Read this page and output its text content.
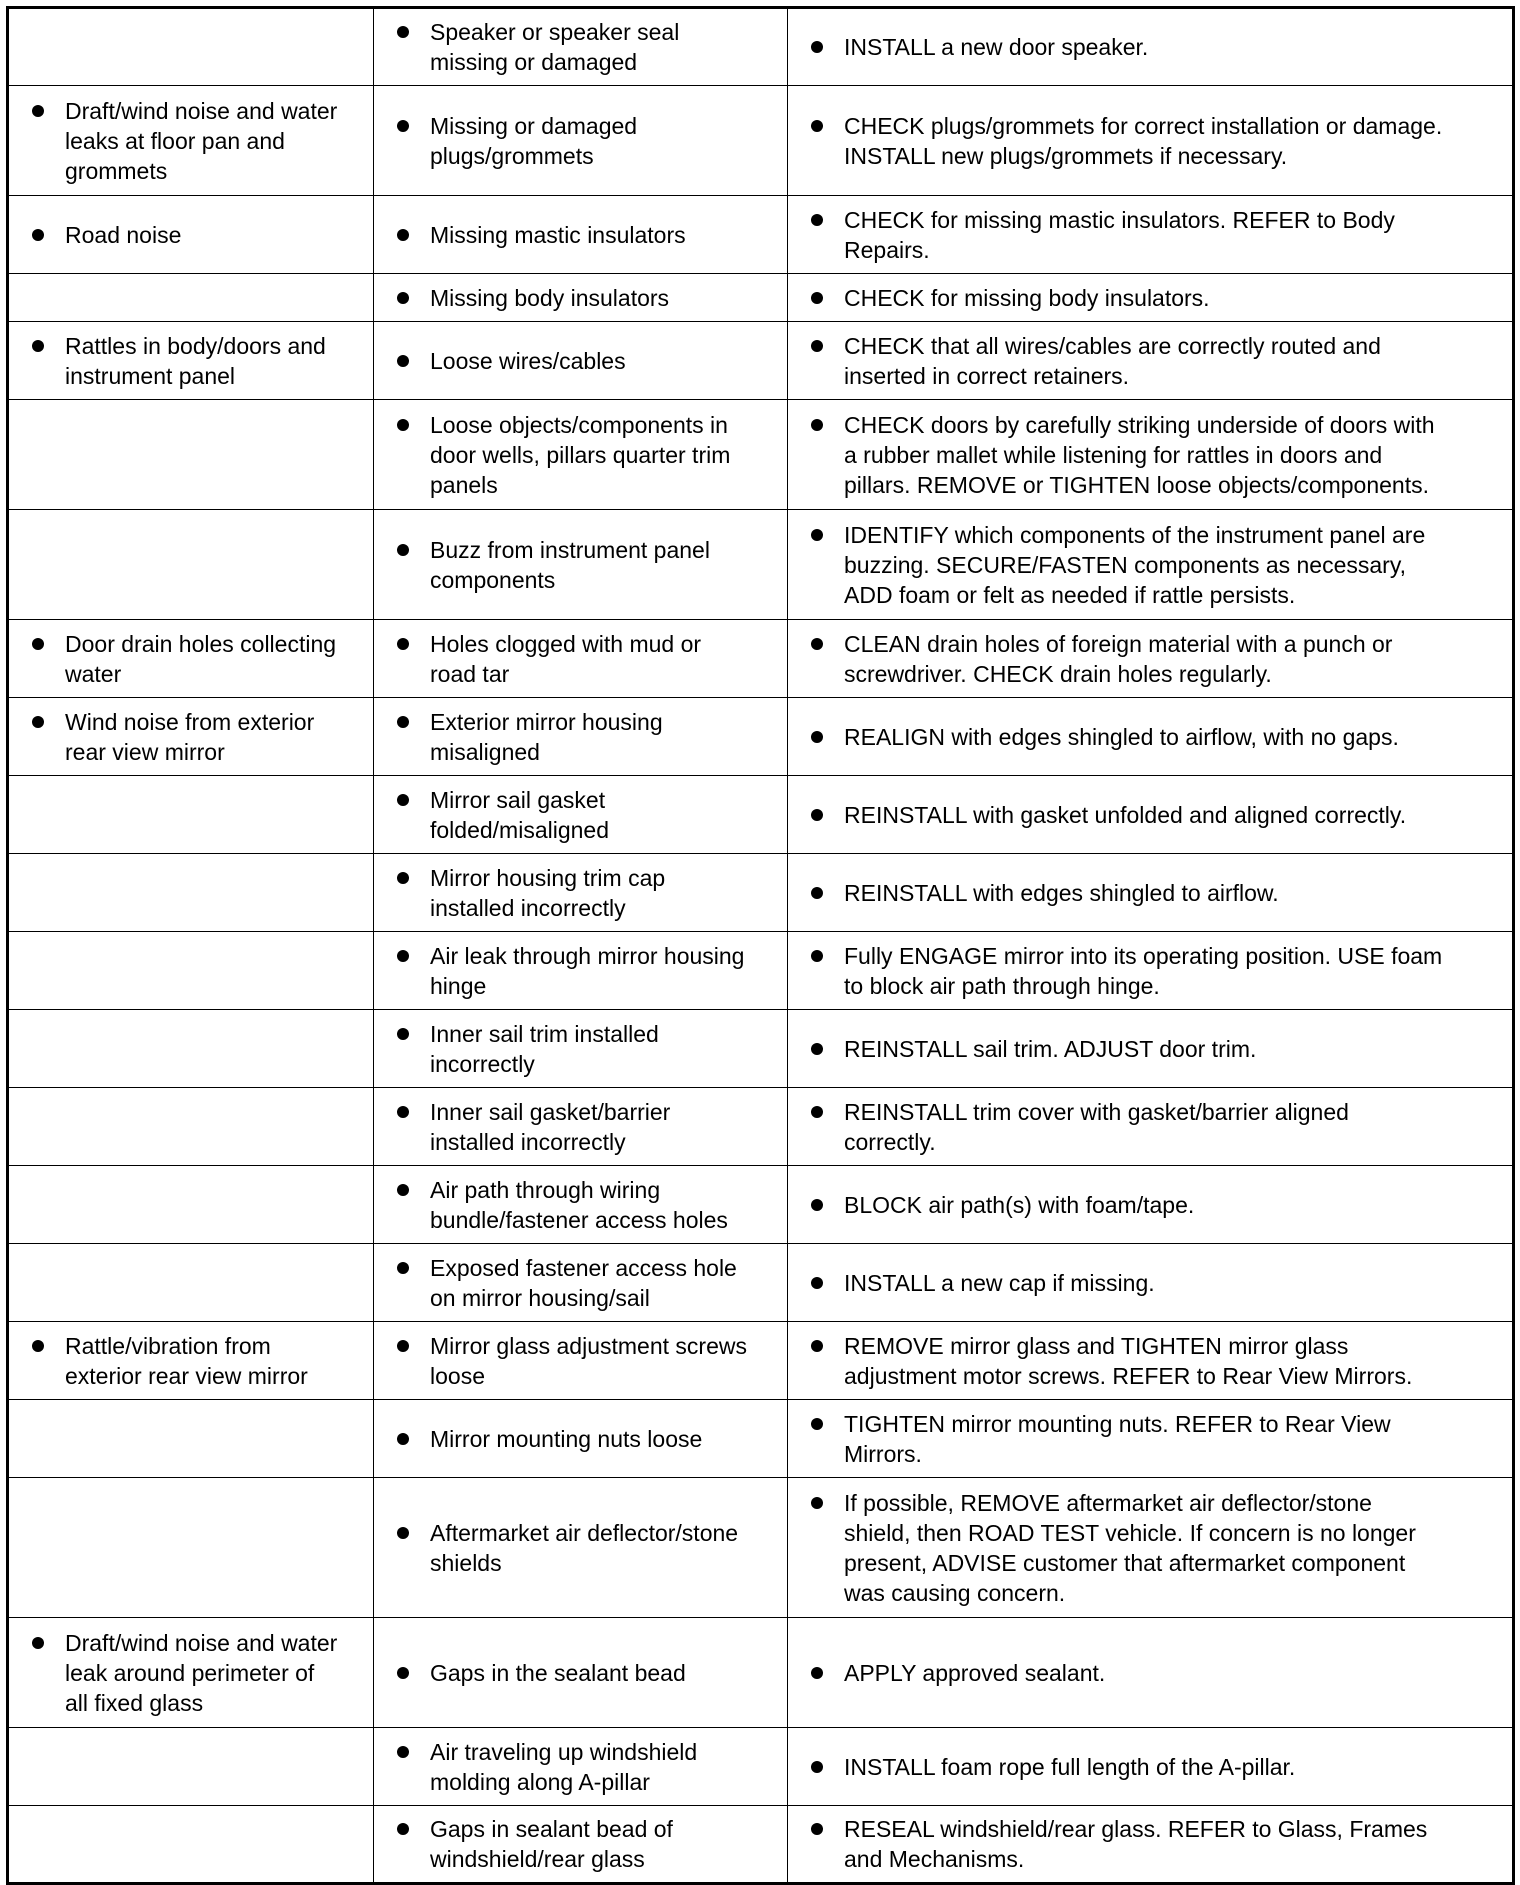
	Speaker or speaker seal
missing or damaged	INSTALL a new door speaker.

Draft/wind noise and water
leaks at floor pan and
grommets	Missing or damaged
plugs/grommets	CHECK plugs/grommets for correct installation or damage.
INSTALL new plugs/grommets if necessary.

Road noise	Missing mastic insulators	CHECK for missing mastic insulators. REFER to Body
Repairs.

	Missing body insulators	CHECK for missing body insulators.

Rattles in body/doors and
instrument panel	Loose wires/cables	CHECK that all wires/cables are correctly routed and
inserted in correct retainers.

	Loose objects/components in
door wells, pillars quarter trim
panels	CHECK doors by carefully striking underside of doors with
a rubber mallet while listening for rattles in doors and
pillars. REMOVE or TIGHTEN loose objects/components.

	Buzz from instrument panel
components	IDENTIFY which components of the instrument panel are
buzzing. SECURE/FASTEN components as necessary,
ADD foam or felt as needed if rattle persists.

Door drain holes collecting
water	Holes clogged with mud or
road tar	CLEAN drain holes of foreign material with a punch or
screwdriver. CHECK drain holes regularly.

Wind noise from exterior
rear view mirror	Exterior mirror housing
misaligned	REALIGN with edges shingled to airflow, with no gaps.

	Mirror sail gasket
folded/misaligned	REINSTALL with gasket unfolded and aligned correctly.

	Mirror housing trim cap
installed incorrectly	REINSTALL with edges shingled to airflow.

	Air leak through mirror housing
hinge	Fully ENGAGE mirror into its operating position. USE foam
to block air path through hinge.

	Inner sail trim installed
incorrectly	REINSTALL sail trim. ADJUST door trim.

	Inner sail gasket/barrier
installed incorrectly	REINSTALL trim cover with gasket/barrier aligned
correctly.

	Air path through wiring
bundle/fastener access holes	BLOCK air path(s) with foam/tape.

	Exposed fastener access hole
on mirror housing/sail	INSTALL a new cap if missing.

Rattle/vibration from
exterior rear view mirror	Mirror glass adjustment screws
loose	REMOVE mirror glass and TIGHTEN mirror glass
adjustment motor screws. REFER to Rear View Mirrors.

	Mirror mounting nuts loose	TIGHTEN mirror mounting nuts. REFER to Rear View
Mirrors.

	Aftermarket air deflector/stone
shields	If possible, REMOVE aftermarket air deflector/stone
shield, then ROAD TEST vehicle. If concern is no longer
present, ADVISE customer that aftermarket component
was causing concern.

Draft/wind noise and water
leak around perimeter of
all fixed glass	Gaps in the sealant bead	APPLY approved sealant.

	Air traveling up windshield
molding along A-pillar	INSTALL foam rope full length of the A-pillar.

	Gaps in sealant bead of
windshield/rear glass	RESEAL windshield/rear glass. REFER to Glass, Frames
and Mechanisms.
